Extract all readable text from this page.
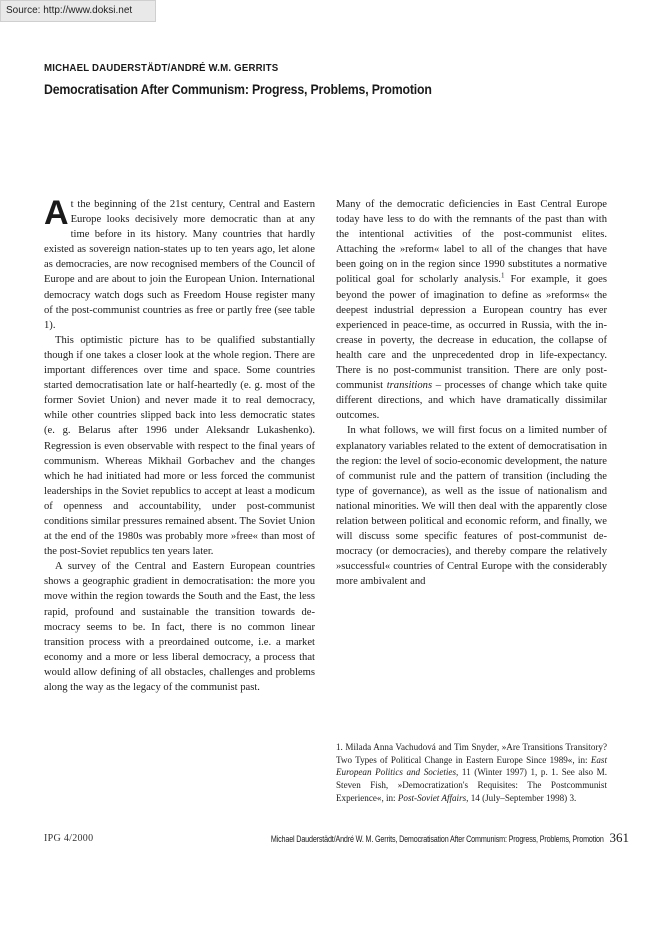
Source: http://www.doksi.net
MICHAEL DAUDERSTÄDT/ANDRÉ W.M. GERRITS
Democratisation After Communism: Progress, Problems, Promotion

At the beginning of the 21st century, Central and Eastern Europe looks decisively more democratic than at any time before in its history. Many countries that hardly existed as sovereign nation-states up to ten years ago, let alone as democracies, are now recognised members of the Council of Europe and are about to join the European Union. International democracy watch dogs such as Freedom House register many of the post-communist countries as free or partly free (see table 1).

This optimistic picture has to be qualified substantially though if one takes a closer look at the whole region. There are important differences over time and space. Some countries started democratisation late or half-heartedly (e. g. most of the former Soviet Union) and never made it to real democracy, while other countries slipped back into less democratic states (e. g. Belarus after 1996 under Aleksandr Lukashenko). Regression is even observable with respect to the final years of communism. Whereas Mikhail Gorbachev and the changes which he had initiated had more or less forced the communist leaderships in the Soviet republics to accept at least a modicum of openness and accountability, under post-communist conditions similar pressures remained absent. The Soviet Union at the end of the 1980s was probably more »free« than most of the post-Soviet republics ten years later.

A survey of the Central and Eastern European countries shows a geographic gradient in democratisation: the more you move within the region towards the South and the East, the less rapid, profound and sustainable the transition towards democracy seems to be. In fact, there is no common linear transition process with a preordained outcome, i.e. a market economy and a more or less liberal democracy, a process that would allow defining of all obstacles, challenges and problems along the way as the legacy of the communist past.

Many of the democratic deficiencies in East Central Europe today have less to do with the remnants of the past than with the intentional activities of the post-communist elites. Attaching the »reform« label to all of the changes that have been going on in the region since 1990 substitutes a normative political goal for scholarly analysis.$^1$ For example, it goes beyond the power of imagination to define as »reforms« the deepest industrial depression a European country has ever experienced in peace-time, as occurred in Russia, with the increase in poverty, the decrease in education, the collapse of health care and the unprecedented drop in life-expectancy. There is no post-communist transition. There are only post-communist transitions – processes of change which take quite different directions, and which have dramatically dissimilar outcomes.

In what follows, we will first focus on a limited number of explanatory variables related to the extent of democratisation in the region: the level of socio-economic development, the nature of communist rule and the pattern of transition (including the type of governance), as well as the issue of nationalism and national minorities. We will then deal with the apparently close relation between political and economic reform, and finally, we will discuss some specific features of post-communist democracy (or democracies), and thereby compare the relatively »successful« countries of Central Europe with the considerably more ambivalent and

1. Milada Anna Vachudová and Tim Snyder, »Are Transitions Transitory? Two Types of Political Change in Eastern Europe Since 1989«, in: East European Politics and Societies, 11 (Winter 1997) 1, p. 1. See also M. Steven Fish, »Democratization's Requisites: The Postcommunist Experience«, in: Post-Soviet Affairs, 14 (July–September 1998) 3.

IPG 4/2000	Michael Dauderstädt/André W. M. Gerrits, Democratisation After Communism: Progress, Problems, Promotion 361
